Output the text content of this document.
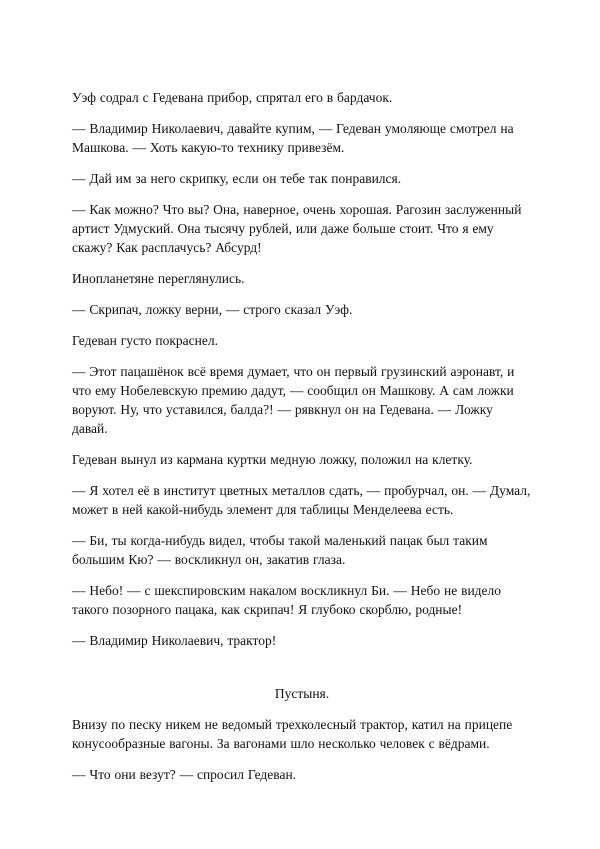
Уэф содрал с Гедевана прибор, спрятал его в бардачок.

— Владимир Николаевич, давайте купим, — Гедеван умоляюще смотрел на Машкова. — Хоть какую-то технику привезём.

— Дай им за него скрипку, если он тебе так понравился.

— Как можно? Что вы? Она, наверное, очень хорошая. Рагозин заслуженный артист Удмуский. Она тысячу рублей, или даже больше стоит. Что я ему скажу? Как расплачусь? Абсурд!

Инопланетяне переглянулись.

— Скрипач, ложку верни, — строго сказал Уэф.

Гедеван густо покраснел.

— Этот пацашёнок всё время думает, что он первый грузинский аэронавт, и что ему Нобелевскую премию дадут, — сообщил он Машкову. А сам ложки воруют. Ну, что уставился, балда?! — рявкнул он на Гедевана. — Ложку давай.

Гедеван вынул из кармана куртки медную ложку, положил на клетку.

— Я хотел её в институт цветных металлов сдать, — пробурчал, он. — Думал, может в ней какой-нибудь элемент для таблицы Менделеева есть.

— Би, ты когда-нибудь видел, чтобы такой маленький пацак был таким большим Кю? — воскликнул он, закатив глаза.

— Небо! — с шекспировским накалом воскликнул Би. — Небо не видело такого позорного пацака, как скрипач! Я глубоко скорблю, родные!

— Владимир Николаевич, трактор!

Пустыня.

Внизу по песку никем не ведомый трехколесный трактор, катил на прицепе конусообразные вагоны. За вагонами шло несколько человек с вёдрами.

— Что они везут? — спросил Гедеван.
